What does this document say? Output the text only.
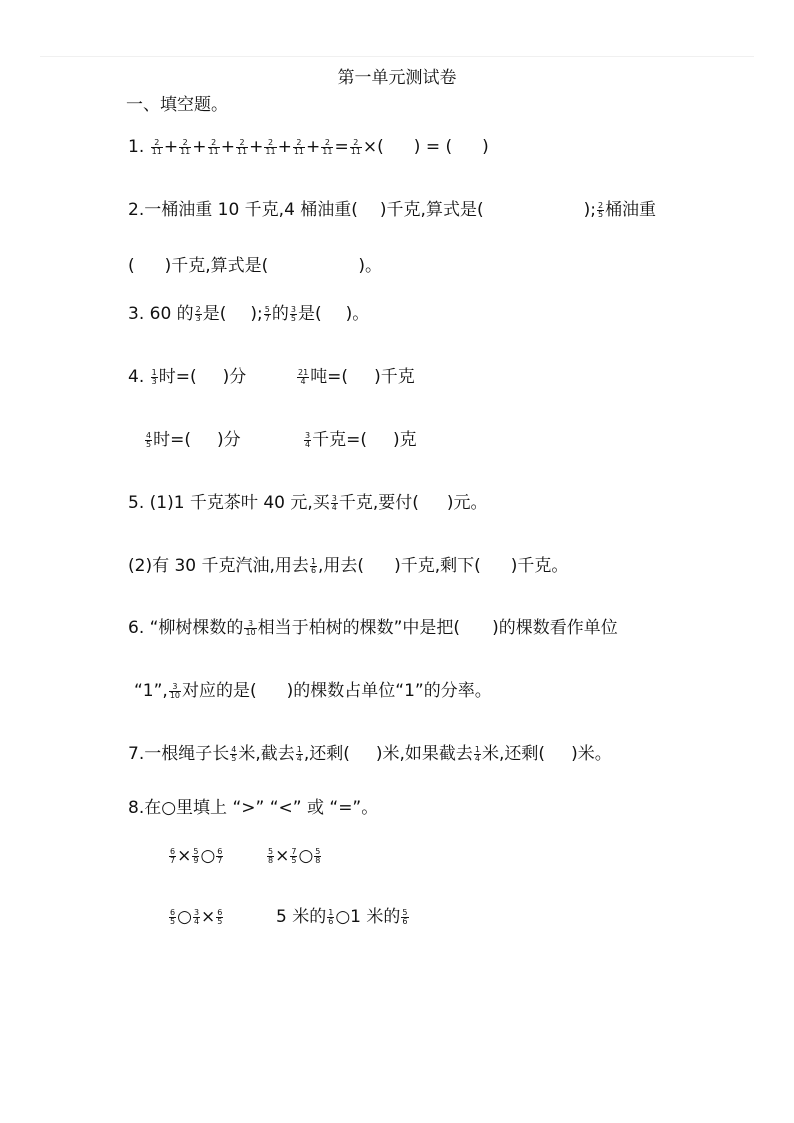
第一单元测试卷
一、填空题。
1. $\frac{2}{11} + \frac{2}{11} + \frac{2}{11} + \frac{2}{11} + \frac{2}{11} + \frac{2}{11} + \frac{2}{11} = \frac{2}{11}$ ×( ) = ( )
2.一桶油重 10 千克,4 桶油重( )千克,算式是(	); $\frac{2}{5}$ 桶油重
( )千克,算式是(	)。
3. 60 的 $\frac{2}{3}$ 是( ); $\frac{5}{7}$ 的 $\frac{3}{5}$ 是( )。
4. $\frac{1}{3}$ 时=( )分	$\frac{21}{4}$ 吨=( )千克
$\frac{4}{5}$ 时=( )分	$\frac{3}{4}$ 千克=( )克
5. (1)1 千克茶叶 40 元,买 $\frac{3}{4}$ 千克,要付( )元。
(2)有 30 千克汽油,用去 $\frac{1}{6}$ ,用去( )千克,剩下( )千克。
6. “柳树棵数的 $\frac{3}{10}$ 相当于柏树的棵数”中是把( )的棵数看作单位
“1”, $\frac{3}{10}$ 对应的是( )的棵数占单位“1”的分率。
7.一根绳子长 $\frac{4}{5}$ 米,截去 $\frac{1}{4}$ ,还剩( )米,如果截去 $\frac{1}{4}$ 米,还剩( )米。
8.在○里填上 “>” “<” 或 “=”。
$\frac{6}{7} \times \frac{5}{9}$ ○ $\frac{6}{7}$	$\frac{5}{8} \times \frac{7}{5}$ ○ $\frac{5}{8}$
$\frac{6}{5}$ ○ $\frac{3}{4} \times \frac{6}{5}$	5 米的 $\frac{1}{6}$ ○1 米的 $\frac{5}{6}$
